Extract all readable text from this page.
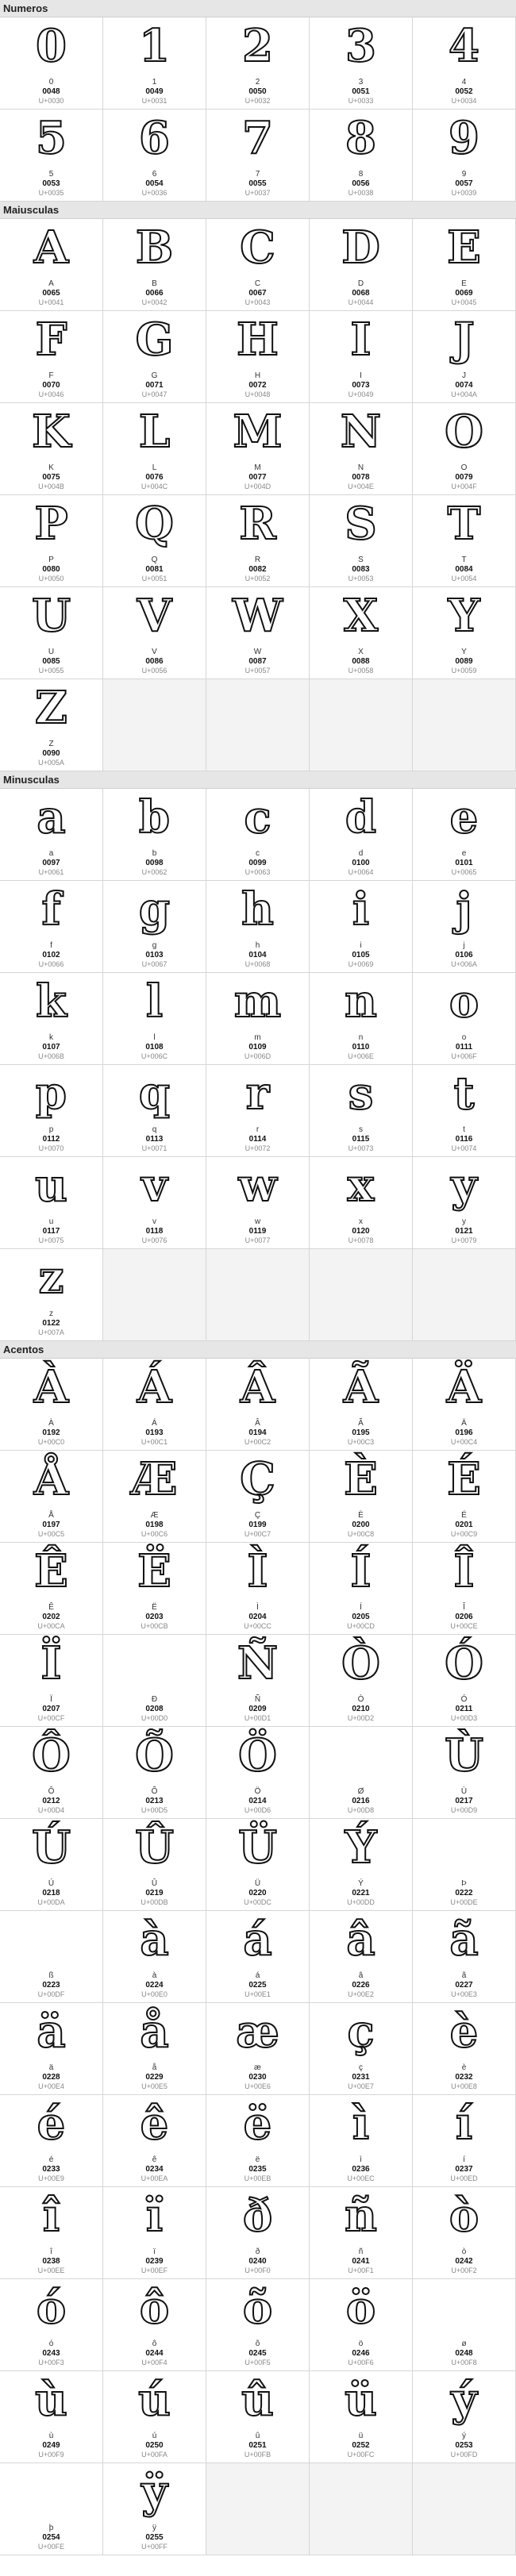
Numeros
0
0
0048
U+0030
1
1
0049
U+0031
2
2
0050
U+0032
3
3
0051
U+0033
4
4
0052
U+0034
5
5
0053
U+0035
6
6
0054
U+0036
7
7
0055
U+0037
8
8
0056
U+0038
9
9
0057
U+0039
Maiusculas
A
A
0065
U+0041
B
B
0066
U+0042
C
C
0067
U+0043
D
D
0068
U+0044
E
E
0069
U+0045
F
F
0070
U+0046
G
G
0071
U+0047
H
H
0072
U+0048
I
I
0073
U+0049
J
J
0074
U+004A
K
K
0075
U+004B
L
L
0076
U+004C
M
M
0077
U+004D
N
N
0078
U+004E
O
O
0079
U+004F
P
P
0080
U+0050
Q
Q
0081
U+0051
R
R
0082
U+0052
S
S
0083
U+0053
T
T
0084
U+0054
U
U
0085
U+0055
V
V
0086
U+0056
W
W
0087
U+0057
X
X
0088
U+0058
Y
Y
0089
U+0059
Z
Z
0090
U+005A
Minusculas
a
a
0097
U+0061
b
b
0098
U+0062
c
c
0099
U+0063
d
d
0100
U+0064
e
e
0101
U+0065
f
f
0102
U+0066
g
g
0103
U+0067
h
h
0104
U+0068
i
i
0105
U+0069
j
j
0106
U+006A
k
k
0107
U+006B
l
l
0108
U+006C
m
m
0109
U+006D
n
n
0110
U+006E
o
o
0111
U+006F
p
p
0112
U+0070
q
q
0113
U+0071
r
r
0114
U+0072
s
s
0115
U+0073
t
t
0116
U+0074
u
u
0117
U+0075
v
v
0118
U+0076
w
w
0119
U+0077
x
x
0120
U+0078
y
y
0121
U+0079
z
z
0122
U+007A
Acentos
À
À
0192
U+00C0
Á
Á
0193
U+00C1
Â
Â
0194
U+00C2
Ã
Ã
0195
U+00C3
Ä
Ä
0196
U+00C4
Å
Å
0197
U+00C5
Æ
Æ
0198
U+00C6
Ç
Ç
0199
U+00C7
È
È
0200
U+00C8
É
É
0201
U+00C9
Ê
Ê
0202
U+00CA
Ë
Ë
0203
U+00CB
Ì
Ì
0204
U+00CC
Í
Í
0205
U+00CD
Î
Î
0206
U+00CE
Ï
Ï
0207
U+00CF
Ð
0208
U+00D0
Ñ
Ñ
0209
U+00D1
Ò
Ò
0210
U+00D2
Ó
Ó
0211
U+00D3
Ô
Ô
0212
U+00D4
Õ
Õ
0213
U+00D5
Ö
Ö
0214
U+00D6
Ø
0216
U+00D8
Ù
Ù
0217
U+00D9
Ú
Ú
0218
U+00DA
Û
Û
0219
U+00DB
Ü
Ü
0220
U+00DC
Ý
Ý
0221
U+00DD
Þ
0222
U+00DE
ß
0223
U+00DF
à
à
0224
U+00E0
á
á
0225
U+00E1
â
â
0226
U+00E2
ã
ã
0227
U+00E3
ä
ä
0228
U+00E4
å
å
0229
U+00E5
æ
æ
0230
U+00E6
ç
ç
0231
U+00E7
è
è
0232
U+00E8
é
é
0233
U+00E9
ê
ê
0234
U+00EA
ë
ë
0235
U+00EB
ì
ì
0236
U+00EC
í
í
0237
U+00ED
î
î
0238
U+00EE
ï
ï
0239
U+00EF
ð
ð
0240
U+00F0
ñ
ñ
0241
U+00F1
ò
ò
0242
U+00F2
ó
ó
0243
U+00F3
ô
ô
0244
U+00F4
õ
õ
0245
U+00F5
ö
ö
0246
U+00F6
ø
0248
U+00F8
ù
ù
0249
U+00F9
ú
ú
0250
U+00FA
û
û
0251
U+00FB
ü
ü
0252
U+00FC
ý
ý
0253
U+00FD
þ
0254
U+00FE
ÿ
ÿ
0255
U+00FF
